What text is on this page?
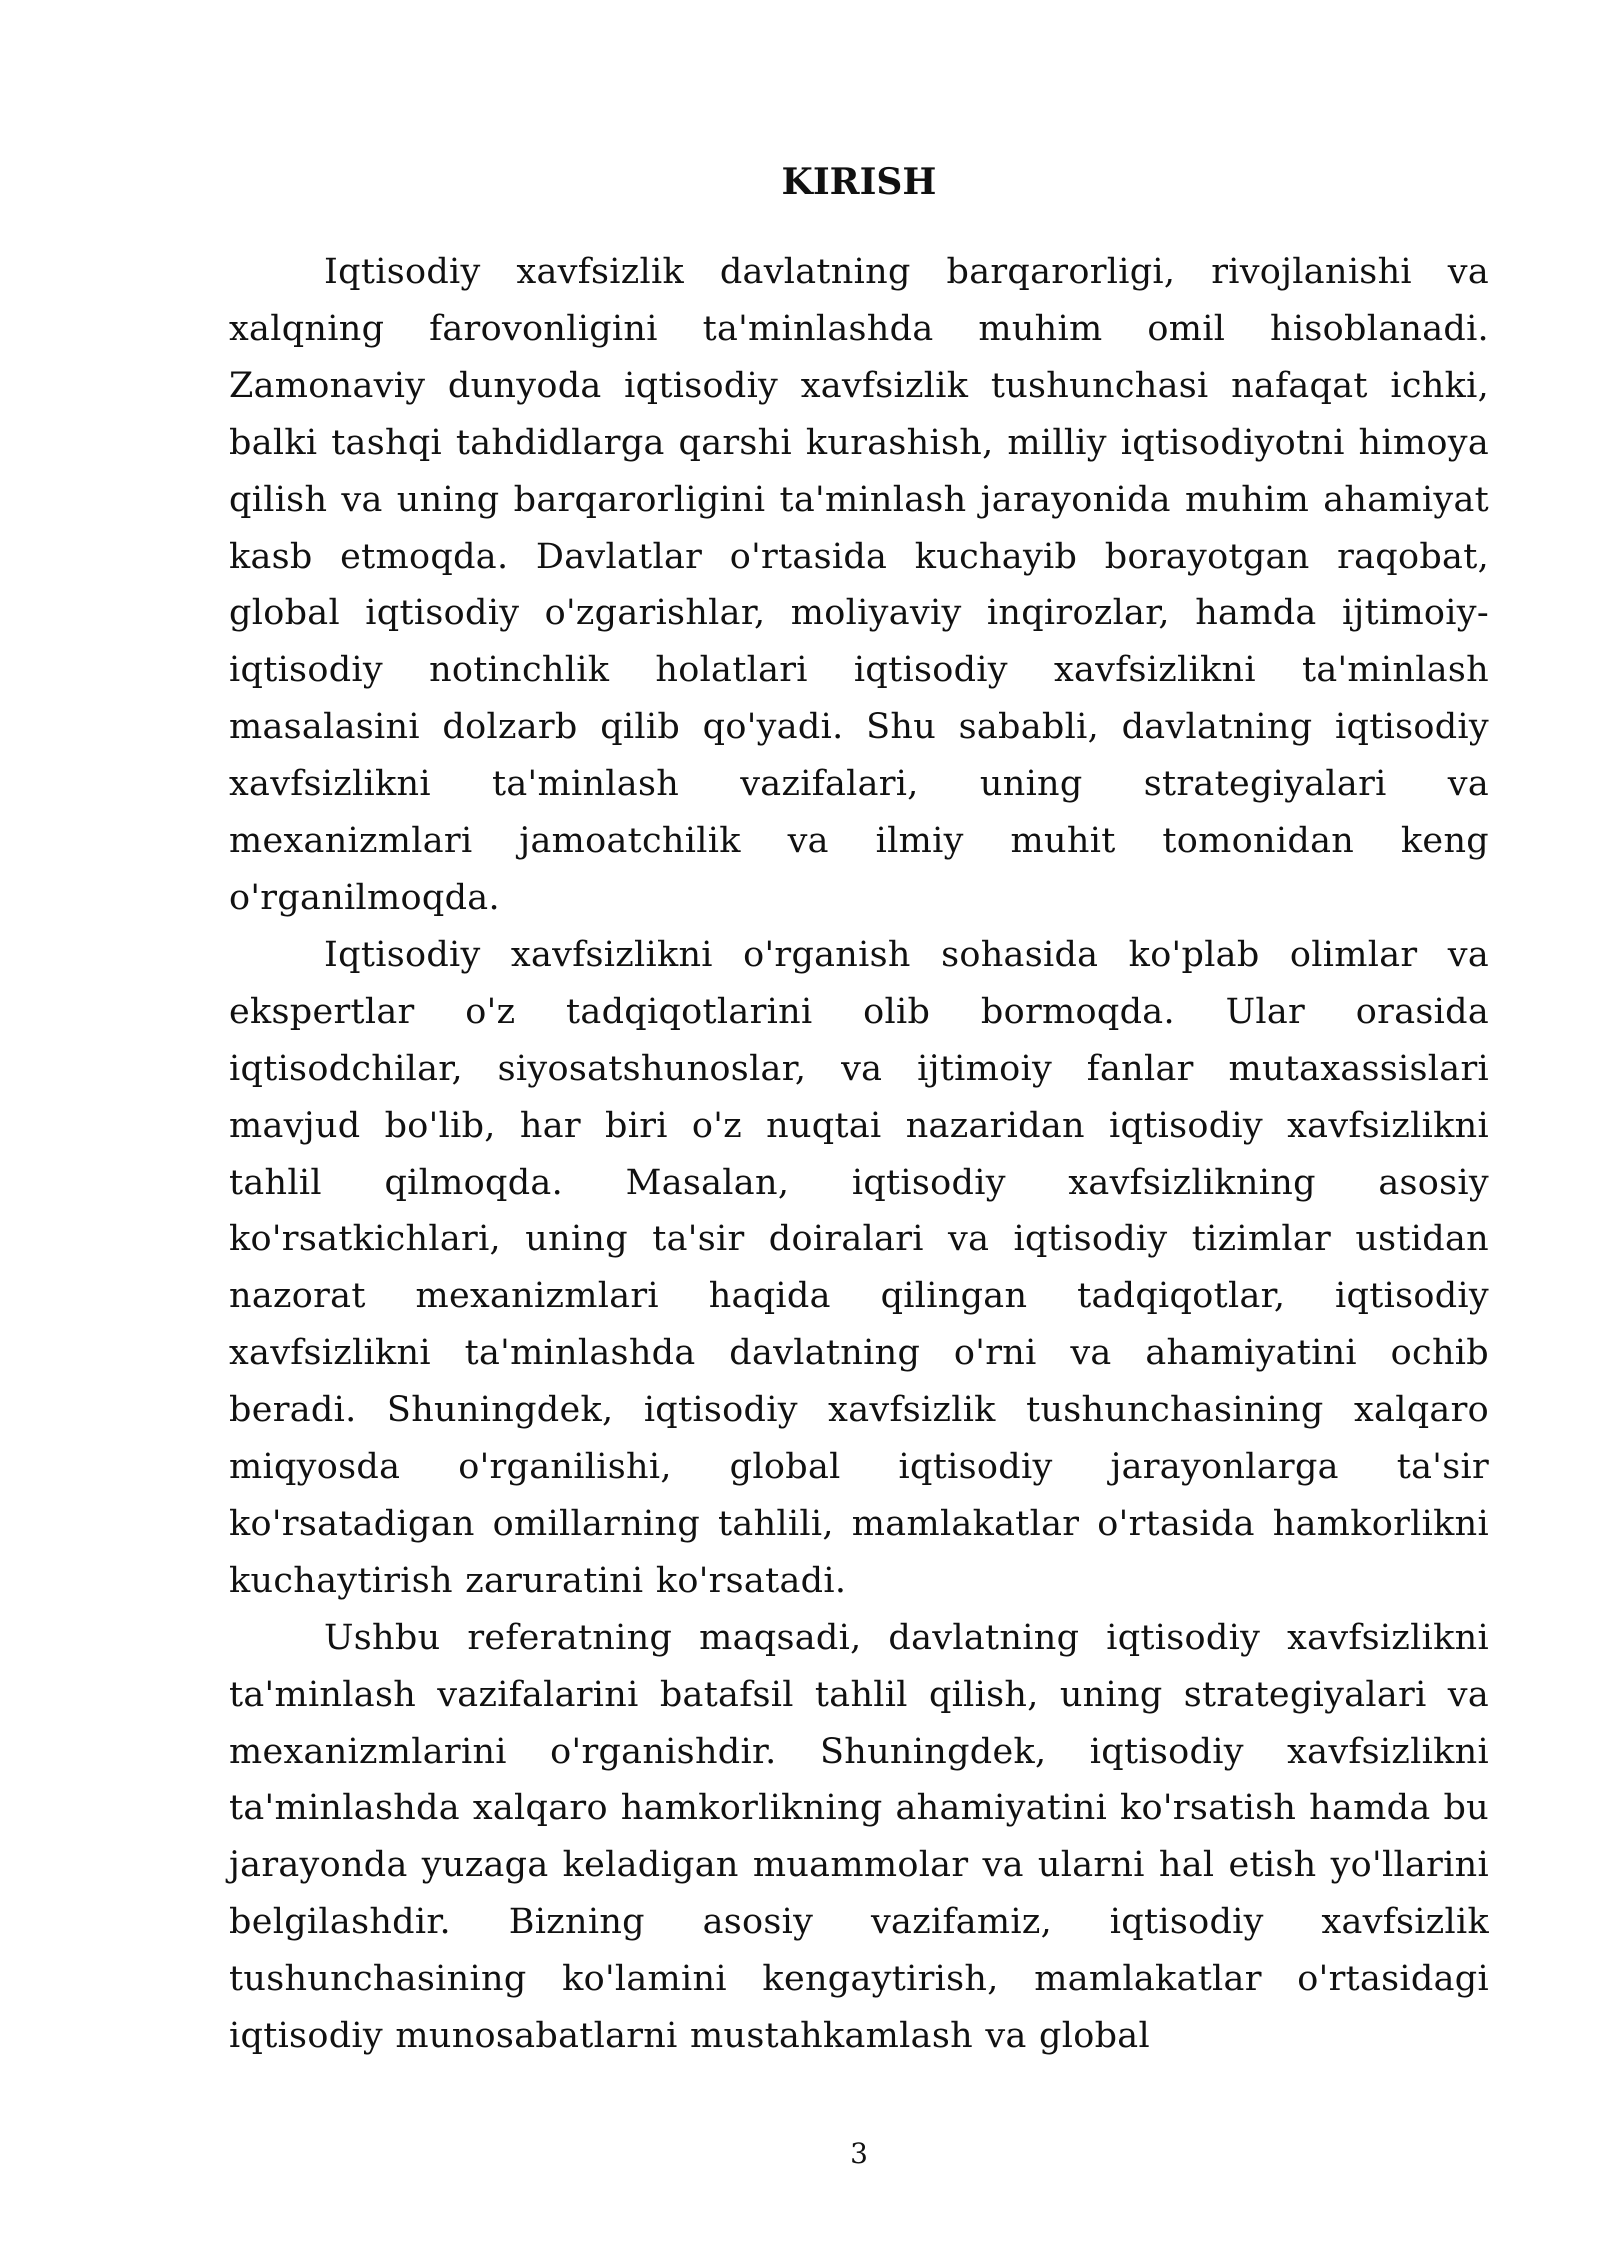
KIRISH

Iqtisodiy xavfsizlik davlatning barqarorligi, rivojlanishi va xalqning farovonligini ta'minlashda muhim omil hisoblanadi. Zamonaviy dunyoda iqtisodiy xavfsizlik tushunchasi nafaqat ichki, balki tashqi tahdidlarga qarshi kurashish, milliy iqtisodiyotni himoya qilish va uning barqarorligini ta'minlash jarayonida muhim ahamiyat kasb etmoqda. Davlatlar o'rtasida kuchayib borayotgan raqobat, global iqtisodiy o'zgarishlar, moliyaviy inqirozlar, hamda ijtimoiy-iqtisodiy notinchlik holatlari iqtisodiy xavfsizlikni ta'minlash masalasini dolzarb qilib qo'yadi. Shu sababli, davlatning iqtisodiy xavfsizlikni ta'minlash vazifalari, uning strategiyalari va mexanizmlari jamoatchilik va ilmiy muhit tomonidan keng o'rganilmoqda.

Iqtisodiy xavfsizlikni o'rganish sohasida ko'plab olimlar va ekspertlar o'z tadqiqotlarini olib bormoqda. Ular orasida iqtisodchilar, siyosatshunoslar, va ijtimoiy fanlar mutaxassislari mavjud bo'lib, har biri o'z nuqtai nazaridan iqtisodiy xavfsizlikni tahlil qilmoqda. Masalan, iqtisodiy xavfsizlikning asosiy ko'rsatkichlari, uning ta'sir doiralari va iqtisodiy tizimlar ustidan nazorat mexanizmlari haqida qilingan tadqiqotlar, iqtisodiy xavfsizlikni ta'minlashda davlatning o'rni va ahamiyatini ochib beradi. Shuningdek, iqtisodiy xavfsizlik tushunchasining xalqaro miqyosda o'rganilishi, global iqtisodiy jarayonlarga ta'sir ko'rsatadigan omillarning tahlili, mamlakatlar o'rtasida hamkorlikni kuchaytirish zaruratini ko'rsatadi.

Ushbu referatning maqsadi, davlatning iqtisodiy xavfsizlikni ta'minlash vazifalarini batafsil tahlil qilish, uning strategiyalari va mexanizmlarini o'rganishdir. Shuningdek, iqtisodiy xavfsizlikni ta'minlashda xalqaro hamkorlikning ahamiyatini ko'rsatish hamda bu jarayonda yuzaga keladigan muammolar va ularni hal etish yo'llarini belgilashdir. Bizning asosiy vazifamiz, iqtisodiy xavfsizlik tushunchasining ko'lamini kengaytirish, mamlakatlar o'rtasidagi iqtisodiy munosabatlarni mustahkamlash va global

3
